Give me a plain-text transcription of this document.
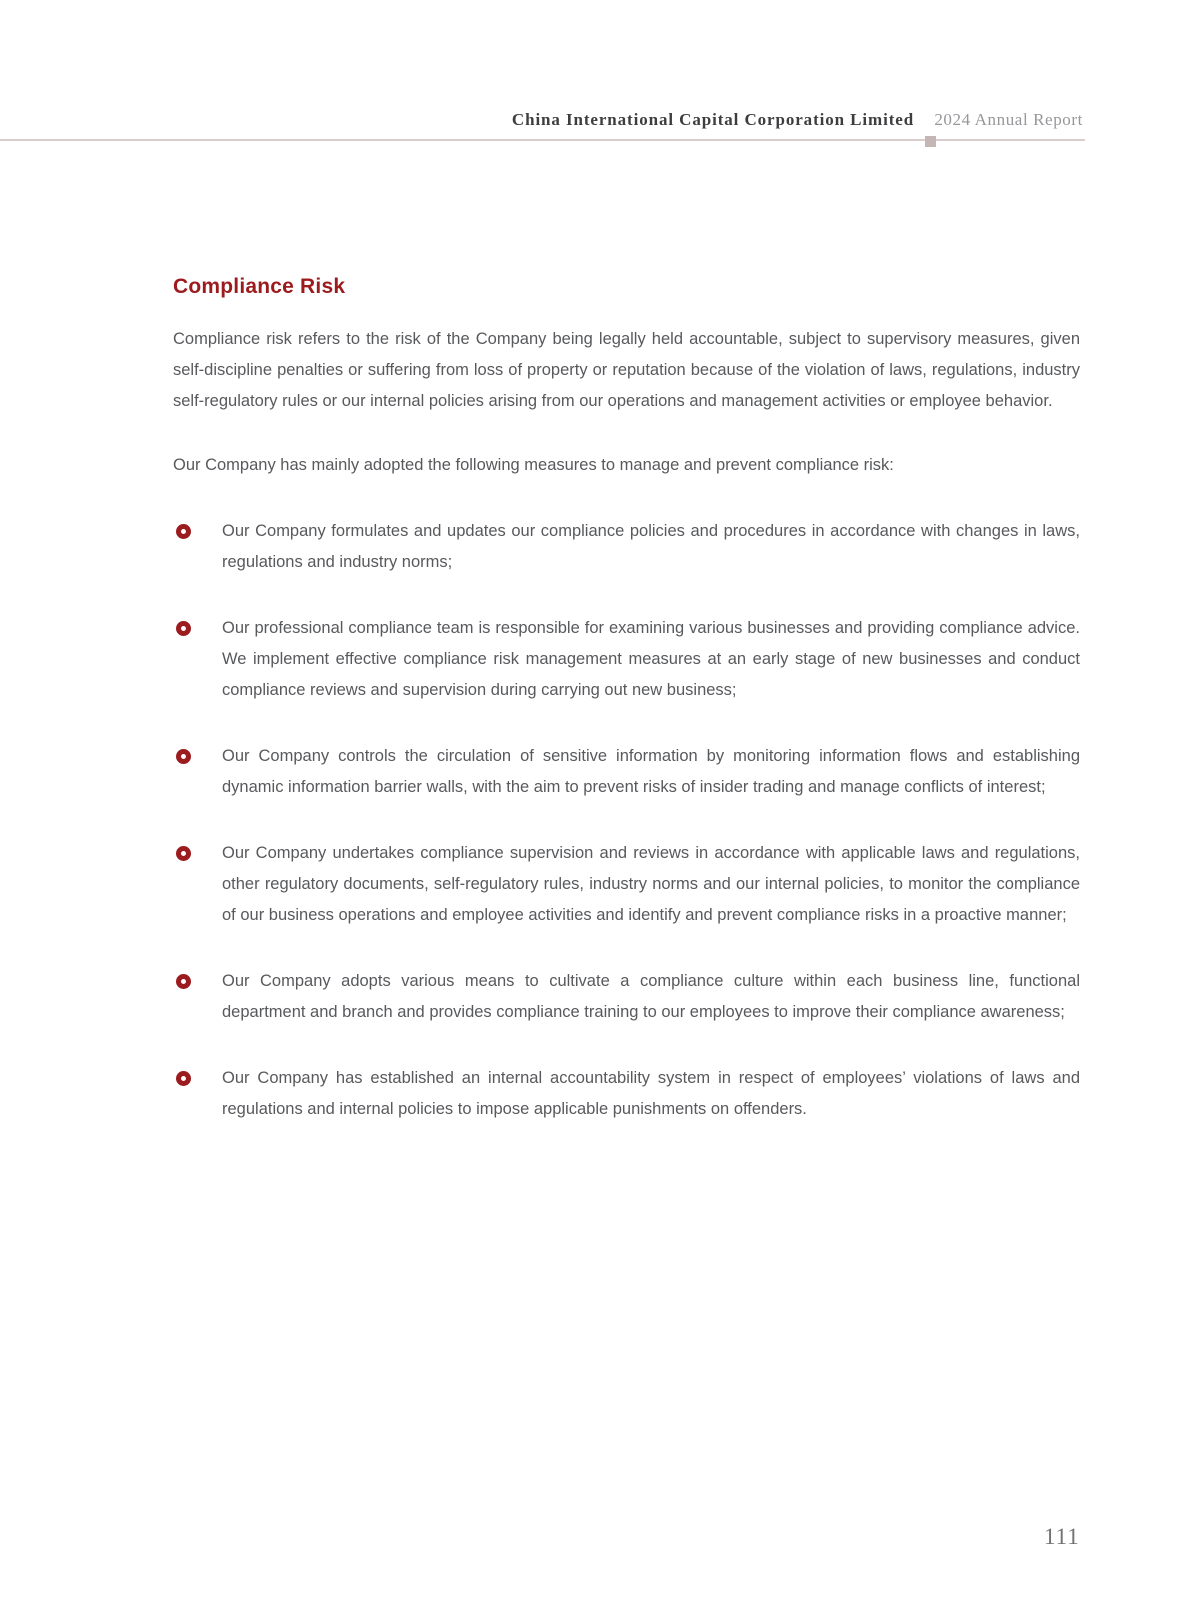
China International Capital Corporation Limited 2024 Annual Report
Compliance Risk

Compliance risk refers to the risk of the Company being legally held accountable, subject to supervisory measures, given self-discipline penalties or suffering from loss of property or reputation because of the violation of laws, regulations, industry self-regulatory rules or our internal policies arising from our operations and management activities or employee behavior.

Our Company has mainly adopted the following measures to manage and prevent compliance risk:

Our Company formulates and updates our compliance policies and procedures in accordance with changes in laws, regulations and industry norms;
Our professional compliance team is responsible for examining various businesses and providing compliance advice. We implement effective compliance risk management measures at an early stage of new businesses and conduct compliance reviews and supervision during carrying out new business;
Our Company controls the circulation of sensitive information by monitoring information flows and establishing dynamic information barrier walls, with the aim to prevent risks of insider trading and manage conflicts of interest;
Our Company undertakes compliance supervision and reviews in accordance with applicable laws and regulations, other regulatory documents, self-regulatory rules, industry norms and our internal policies, to monitor the compliance of our business operations and employee activities and identify and prevent compliance risks in a proactive manner;
Our Company adopts various means to cultivate a compliance culture within each business line, functional department and branch and provides compliance training to our employees to improve their compliance awareness;
Our Company has established an internal accountability system in respect of employees’ violations of laws and regulations and internal policies to impose applicable punishments on offenders.
111
